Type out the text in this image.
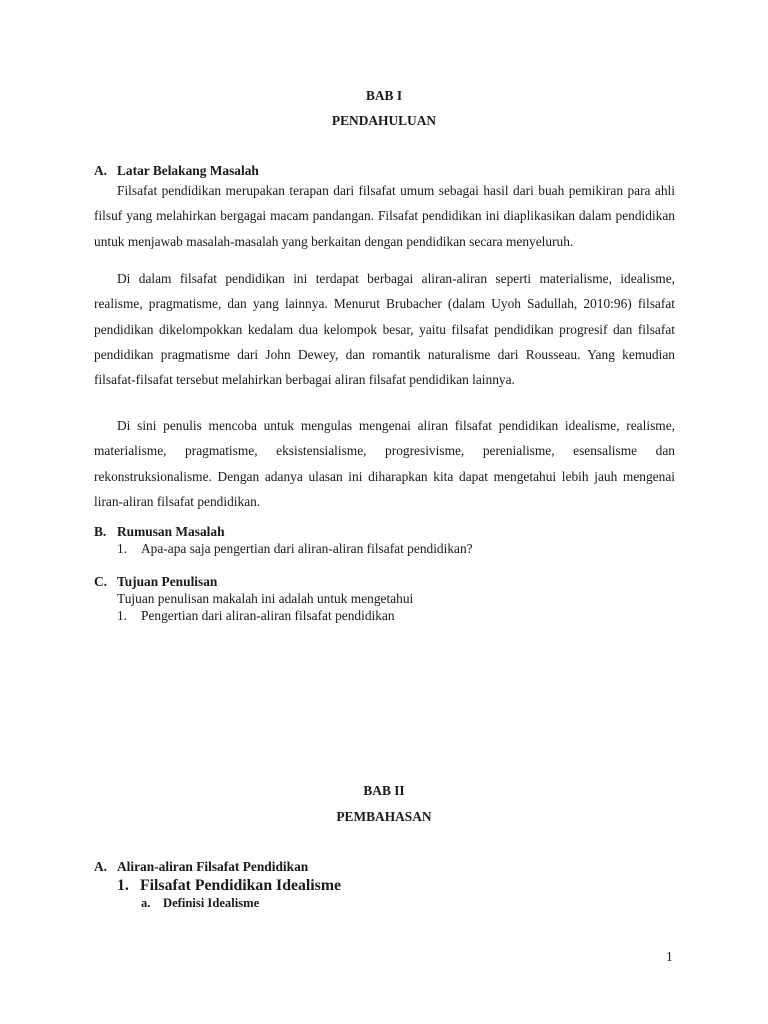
BAB I
PENDAHULUAN
A. Latar Belakang Masalah

Filsafat pendidikan merupakan terapan dari filsafat umum sebagai hasil dari buah pemikiran para ahli filsuf yang melahirkan bergagai macam pandangan. Filsafat pendidikan ini diaplikasikan dalam pendidikan untuk menjawab masalah-masalah yang berkaitan dengan pendidikan secara menyeluruh.

Di dalam filsafat pendidikan ini terdapat berbagai aliran-aliran seperti materialisme, idealisme, realisme, pragmatisme, dan yang lainnya. Menurut Brubacher (dalam Uyoh Sadullah, 2010:96) filsafat pendidikan dikelompokkan kedalam dua kelompok besar, yaitu filsafat pendidikan progresif dan filsafat pendidikan pragmatisme dari John Dewey, dan romantik naturalisme dari Rousseau. Yang kemudian filsafat-filsafat tersebut melahirkan berbagai aliran filsafat pendidikan lainnya.

Di sini penulis mencoba untuk mengulas mengenai aliran filsafat pendidikan idealisme, realisme, materialisme, pragmatisme, eksistensialisme, progresivisme, perenialisme, esensalisme dan rekonstruksionalisme. Dengan adanya ulasan ini diharapkan kita dapat mengetahui lebih jauh mengenai liran-aliran filsafat pendidikan.

B. Rumusan Masalah
1. Apa-apa saja pengertian dari aliran-aliran filsafat pendidikan?
C. Tujuan Penulisan
Tujuan penulisan makalah ini adalah untuk mengetahui
1. Pengertian dari aliran-aliran filsafat pendidikan
BAB II
PEMBAHASAN
A. Aliran-aliran Filsafat Pendidikan
1. Filsafat Pendidikan Idealisme
a. Definisi Idealisme
1
